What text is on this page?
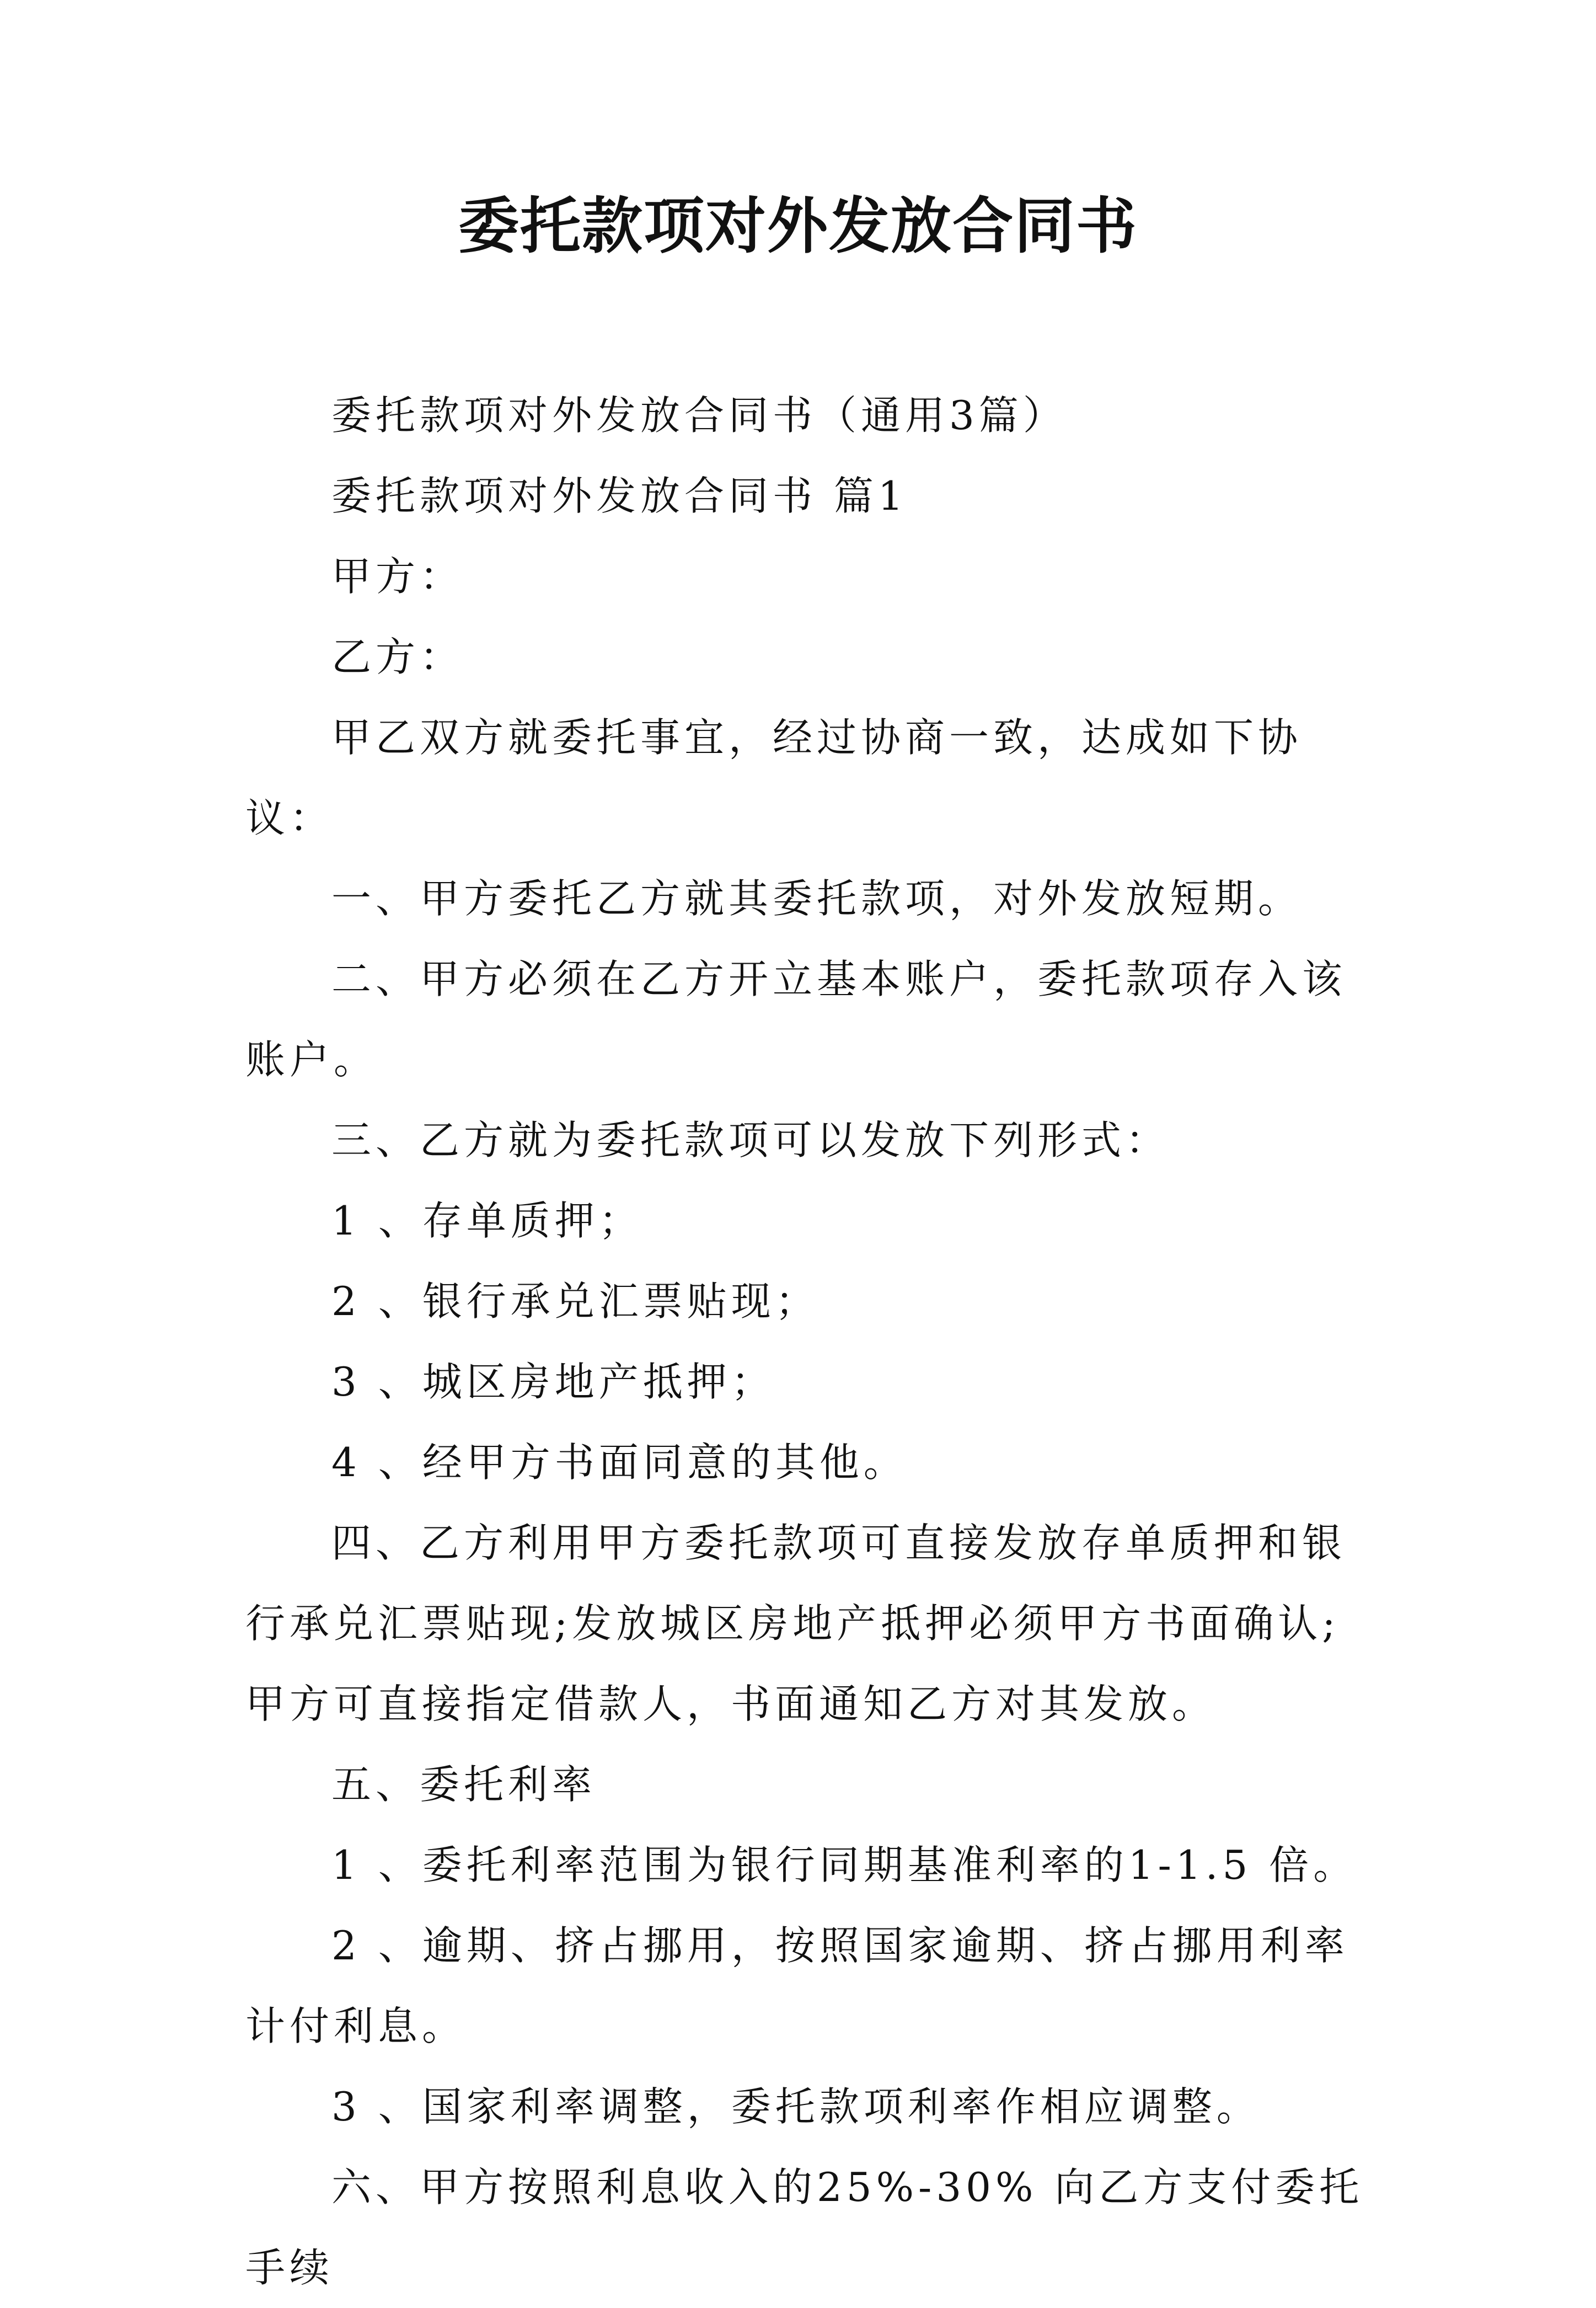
委托款项对外发放合同书

委托款项对外发放合同书（通用3篇）

委托款项对外发放合同书 篇1

甲方：

乙方：

甲乙双方就委托事宜，经过协商一致，达成如下协议：

一、甲方委托乙方就其委托款项，对外发放短期。

二、甲方必须在乙方开立基本账户，委托款项存入该账户。

三、乙方就为委托款项可以发放下列形式：

1 、存单质押；

2 、银行承兑汇票贴现；

3 、城区房地产抵押；

4 、经甲方书面同意的其他。

四、乙方利用甲方委托款项可直接发放存单质押和银行承兑汇票贴现;发放城区房地产抵押必须甲方书面确认;甲方可直接指定借款人，书面通知乙方对其发放。

五、委托利率

1 、委托利率范围为银行同期基准利率的1-1.5 倍。

2 、逾期、挤占挪用，按照国家逾期、挤占挪用利率计付利息。

3 、国家利率调整，委托款项利率作相应调整。

六、甲方按照利息收入的25%-30% 向乙方支付委托手续
